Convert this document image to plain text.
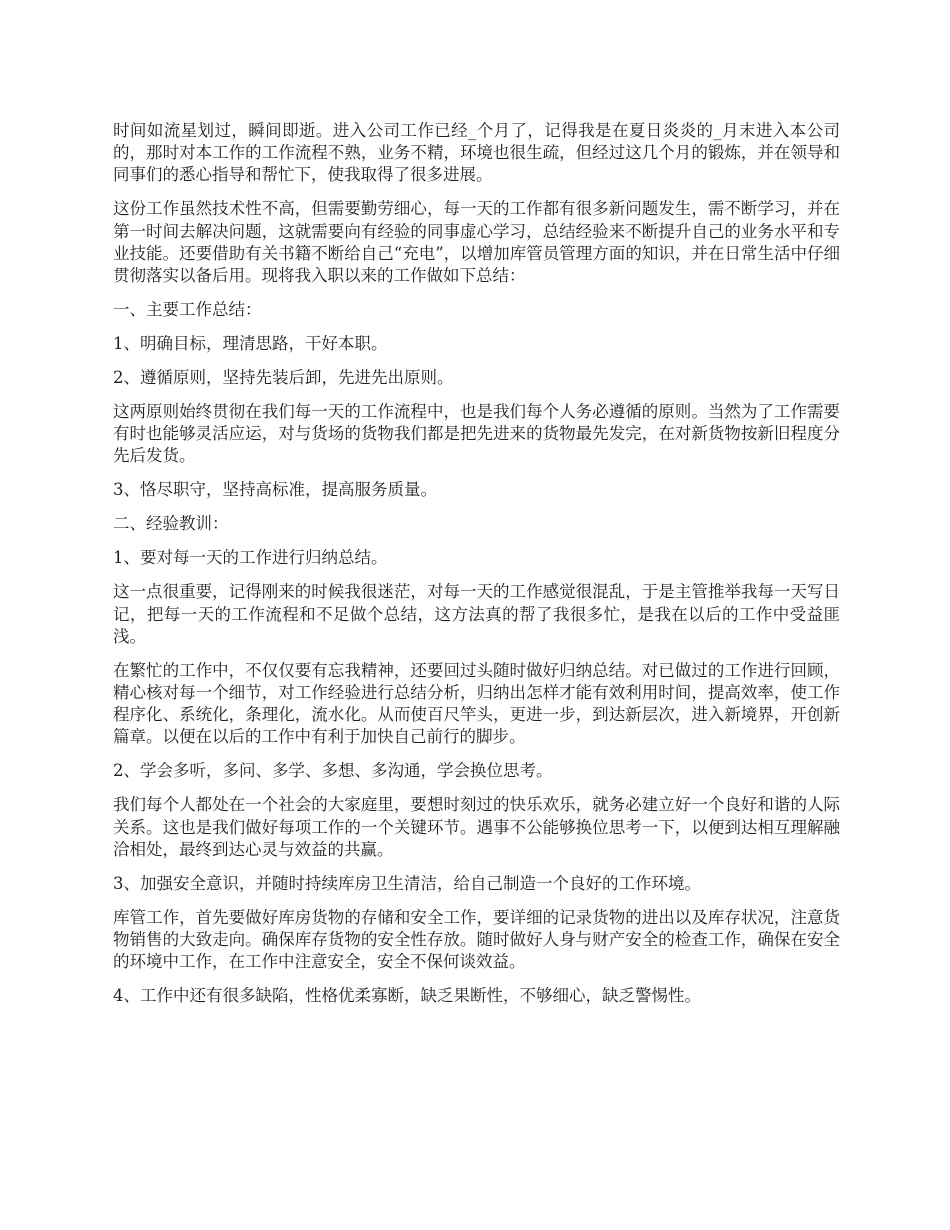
时间如流星划过，瞬间即逝。进入公司工作已经_个月了，记得我是在夏日炎炎的_月末进入本公司的，那时对本工作的工作流程不熟，业务不精，环境也很生疏，但经过这几个月的锻炼，并在领导和同事们的悉心指导和帮忙下，使我取得了很多进展。

这份工作虽然技术性不高，但需要勤劳细心，每一天的工作都有很多新问题发生，需不断学习，并在第一时间去解决问题，这就需要向有经验的同事虚心学习，总结经验来不断提升自己的业务水平和专业技能。还要借助有关书籍不断给自己“充电”，以增加库管员管理方面的知识，并在日常生活中仔细贯彻落实以备后用。现将我入职以来的工作做如下总结：

一、主要工作总结：

1、明确目标，理清思路，干好本职。

2、遵循原则，坚持先装后卸，先进先出原则。

这两原则始终贯彻在我们每一天的工作流程中，也是我们每个人务必遵循的原则。当然为了工作需要有时也能够灵活应运，对与货场的货物我们都是把先进来的货物最先发完，在对新货物按新旧程度分先后发货。

3、恪尽职守，坚持高标准，提高服务质量。

二、经验教训：

1、要对每一天的工作进行归纳总结。

这一点很重要，记得刚来的时候我很迷茫，对每一天的工作感觉很混乱，于是主管推举我每一天写日记，把每一天的工作流程和不足做个总结，这方法真的帮了我很多忙，是我在以后的工作中受益匪浅。

在繁忙的工作中，不仅仅要有忘我精神，还要回过头随时做好归纳总结。对已做过的工作进行回顾，精心核对每一个细节，对工作经验进行总结分析，归纳出怎样才能有效利用时间，提高效率，使工作程序化、系统化，条理化，流水化。从而使百尺竿头，更进一步，到达新层次，进入新境界，开创新篇章。以便在以后的工作中有利于加快自己前行的脚步。

2、学会多听，多问、多学、多想、多沟通，学会换位思考。

我们每个人都处在一个社会的大家庭里，要想时刻过的快乐欢乐，就务必建立好一个良好和谐的人际关系。这也是我们做好每项工作的一个关键环节。遇事不公能够换位思考一下，以便到达相互理解融洽相处，最终到达心灵与效益的共赢。

3、加强安全意识，并随时持续库房卫生清洁，给自己制造一个良好的工作环境。

库管工作，首先要做好库房货物的存储和安全工作，要详细的记录货物的进出以及库存状况，注意货物销售的大致走向。确保库存货物的安全性存放。随时做好人身与财产安全的检查工作，确保在安全的环境中工作，在工作中注意安全，安全不保何谈效益。

4、工作中还有很多缺陷，性格优柔寡断，缺乏果断性，不够细心，缺乏警惕性。
